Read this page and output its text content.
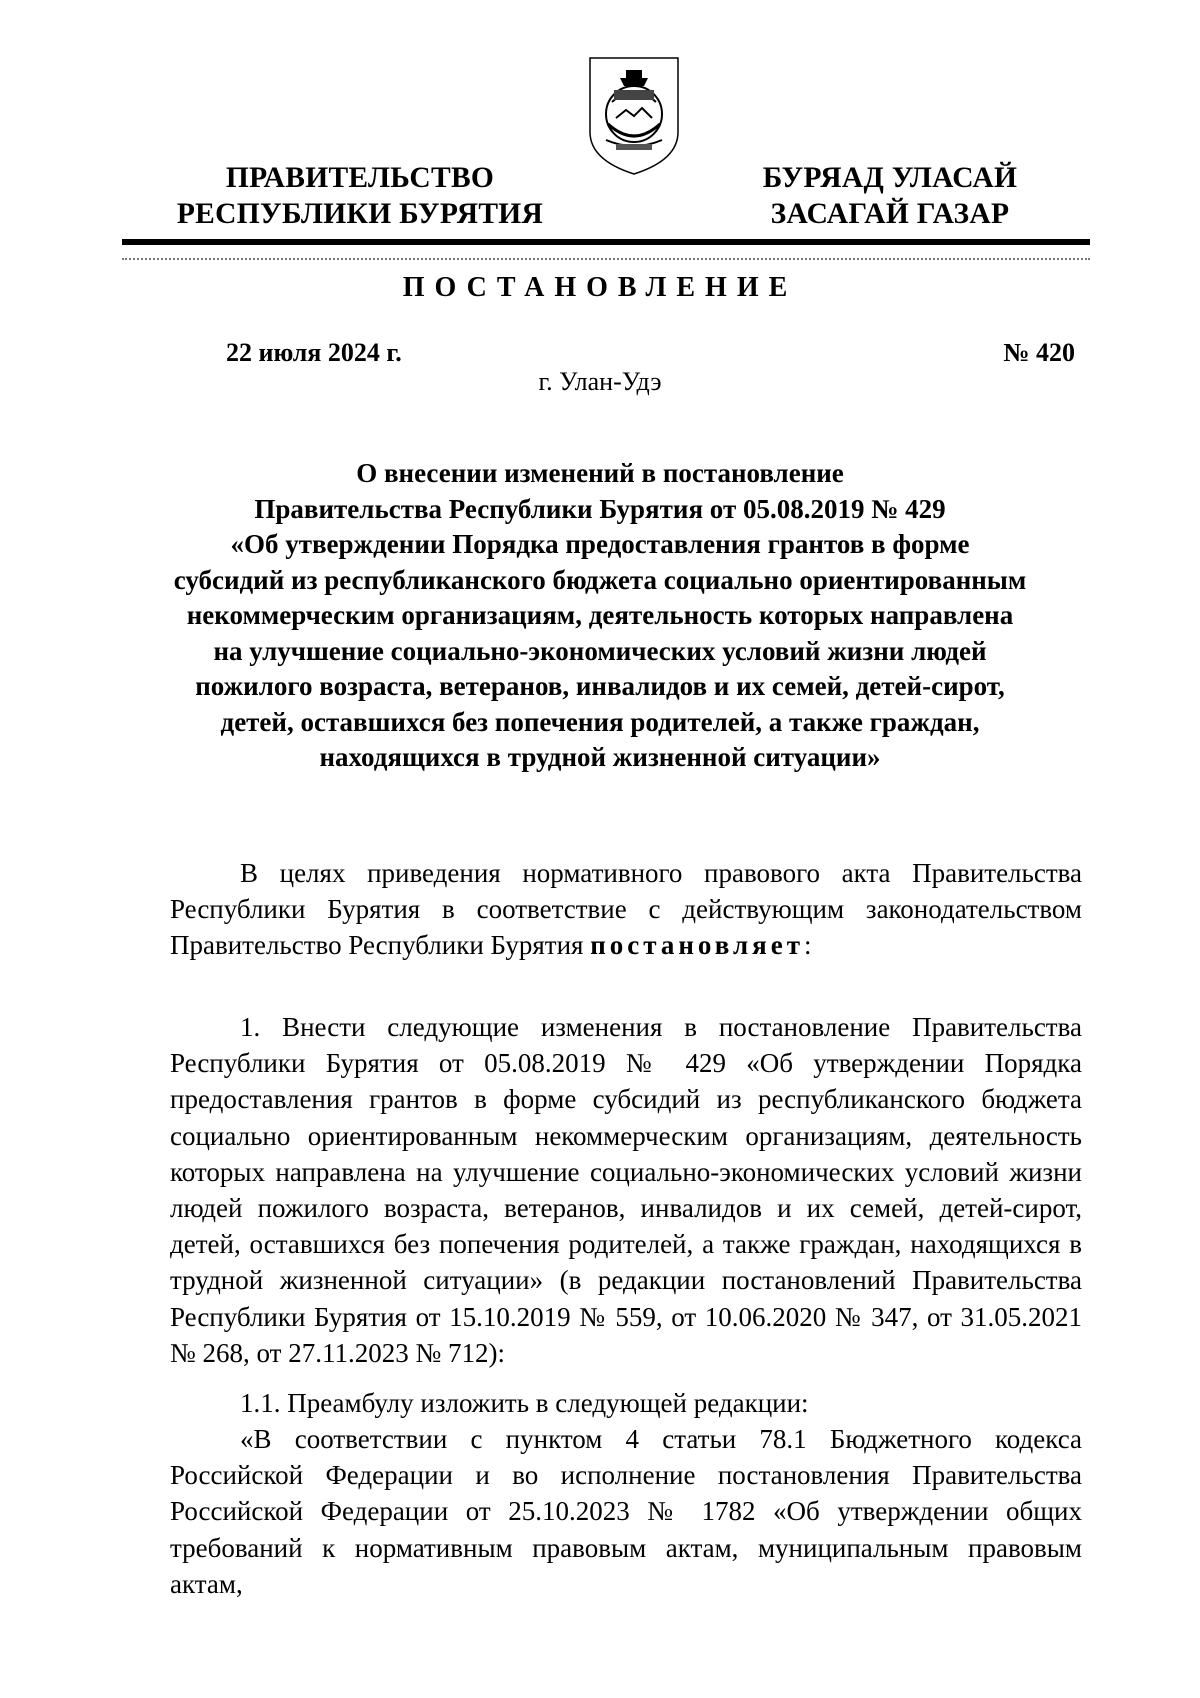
ПРАВИТЕЛЬСТВО
РЕСПУБЛИКИ БУРЯТИЯ
БУРЯАД УЛАСАЙ
ЗАСАГАЙ ГАЗАР
ПОСТАНОВЛЕНИЕ
22 июля 2024 г.	№ 420
г. Улан-Удэ
О внесении изменений в постановление
Правительства Республики Бурятия от 05.08.2019 № 429
«Об утверждении Порядка предоставления грантов в форме
субсидий из республиканского бюджета социально ориентированным
некоммерческим организациям, деятельность которых направлена
на улучшение социально-экономических условий жизни людей
пожилого возраста, ветеранов, инвалидов и их семей, детей-сирот,
детей, оставшихся без попечения родителей, а также граждан,
находящихся в трудной жизненной ситуации»
В целях приведения нормативного правового акта Правительства Республики Бурятия в соответствие с действующим законодательством Правительство Республики Бурятия постановляет:
1. Внести следующие изменения в постановление Правительства Республики Бурятия от 05.08.2019 № 429 «Об утверждении Порядка предоставления грантов в форме субсидий из республиканского бюджета социально ориентированным некоммерческим организациям, деятельность которых направлена на улучшение социально-экономических условий жизни людей пожилого возраста, ветеранов, инвалидов и их семей, детей-сирот, детей, оставшихся без попечения родителей, а также граждан, находящихся в трудной жизненной ситуации» (в редакции постановлений Правительства Республики Бурятия от 15.10.2019 № 559, от 10.06.2020 № 347, от 31.05.2021 № 268, от 27.11.2023 № 712):
1.1. Преамбулу изложить в следующей редакции:
«В соответствии с пунктом 4 статьи 78.1 Бюджетного кодекса Российской Федерации и во исполнение постановления Правительства Российской Федерации от 25.10.2023 № 1782 «Об утверждении общих требований к нормативным правовым актам, муниципальным правовым актам,
